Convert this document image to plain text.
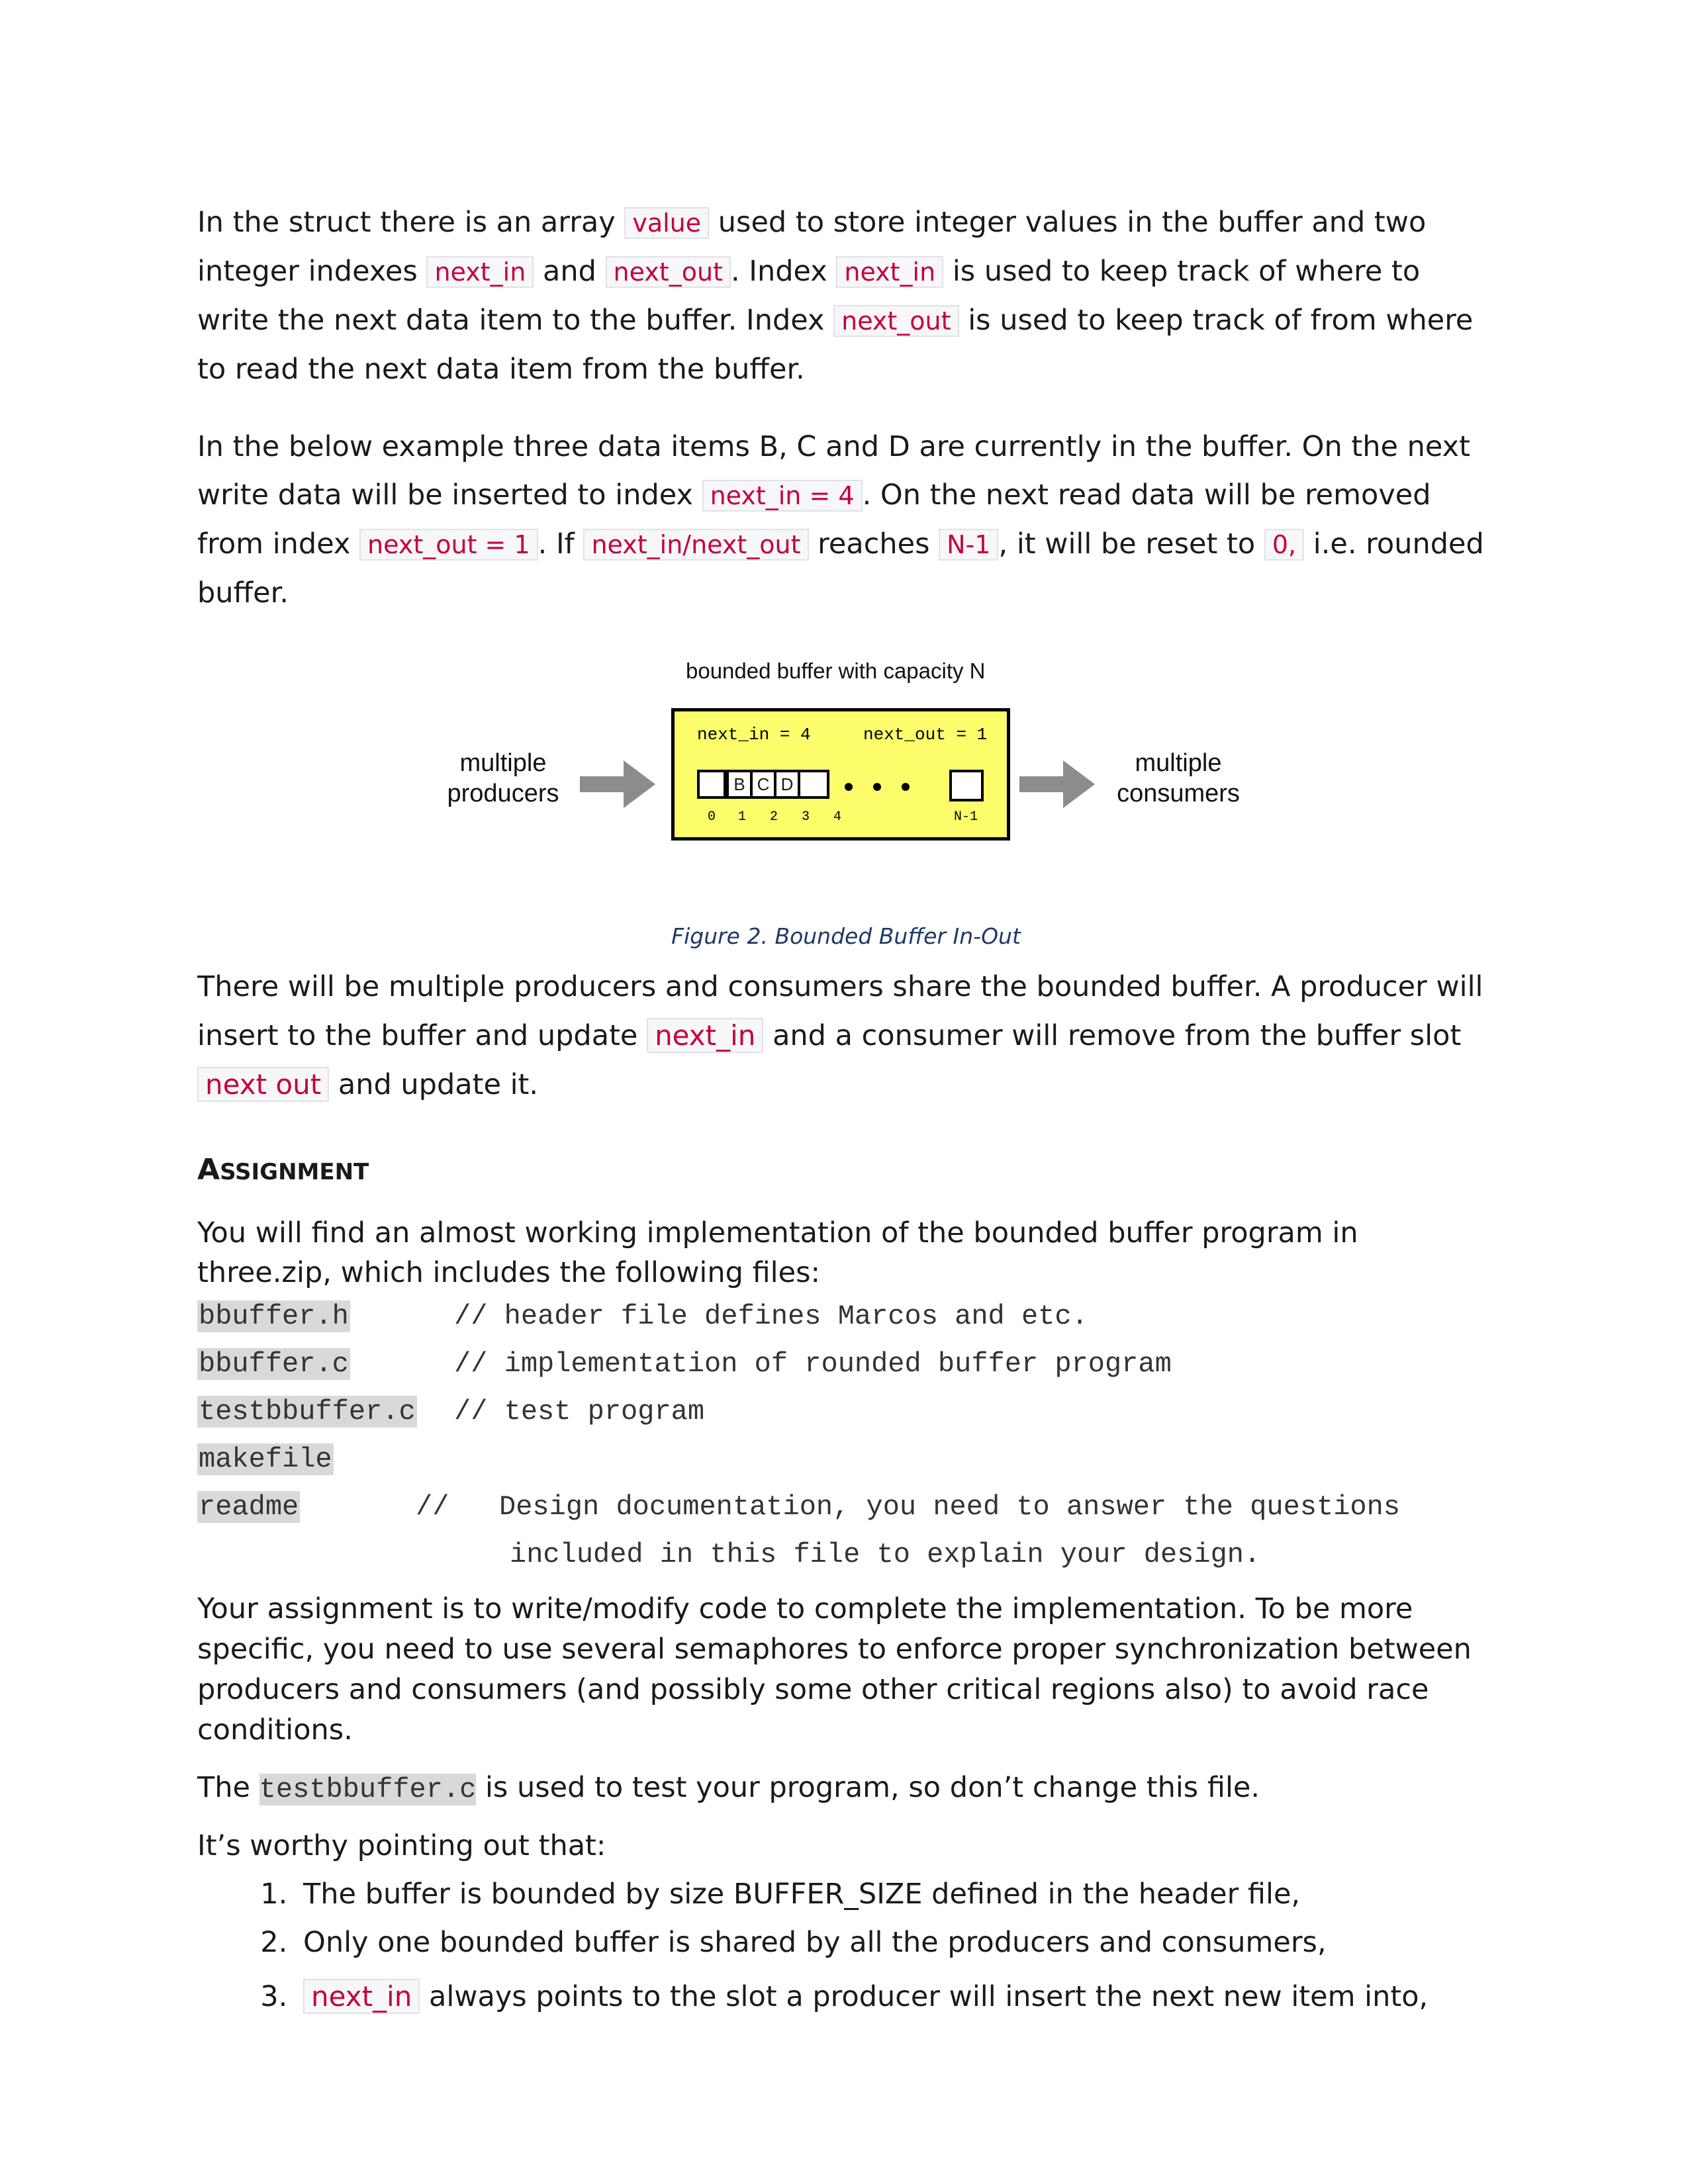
In the struct there is an array value used to store integer values in the buffer and two integer indexes next_in and next_out . Index next_in is used to keep track of where to write the next data item to the buffer. Index next_out is used to keep track of from where to read the next data item from the buffer.

In the below example three data items B, C and D are currently in the buffer. On the next write data will be inserted to index next_in = 4 . On the next read data will be removed from index next_out = 1 . If next_in/next_out reaches N-1 , it will be reset to 0, i.e. rounded buffer.

bounded buffer with capacity N
multiple
producers
next_in = 4	next_out = 1
B C D
0 1 2 3 4	N-1
multiple
consumers
Figure 2. Bounded Buffer In-Out

There will be multiple producers and consumers share the bounded buffer. A producer will insert to the buffer and update next_in and a consumer will remove from the buffer slot next out and update it.

ASSIGNMENT

You will find an almost working implementation of the bounded buffer program in three.zip, which includes the following files:

bbuffer.h	// header file defines Marcos and etc.
bbuffer.c	// implementation of rounded buffer program
testbbuffer.c // test program
makefile
readme	//   Design documentation, you need to answer the questions
included in this file to explain your design.

Your assignment is to write/modify code to complete the implementation. To be more specific, you need to use several semaphores to enforce proper synchronization between producers and consumers (and possibly some other critical regions also) to avoid race conditions.

The testbbuffer.c is used to test your program, so don’t change this file.

It’s worthy pointing out that:

1. The buffer is bounded by size BUFFER_SIZE defined in the header file,
2. Only one bounded buffer is shared by all the producers and consumers,
3. next_in always points to the slot a producer will insert the next new item into,
